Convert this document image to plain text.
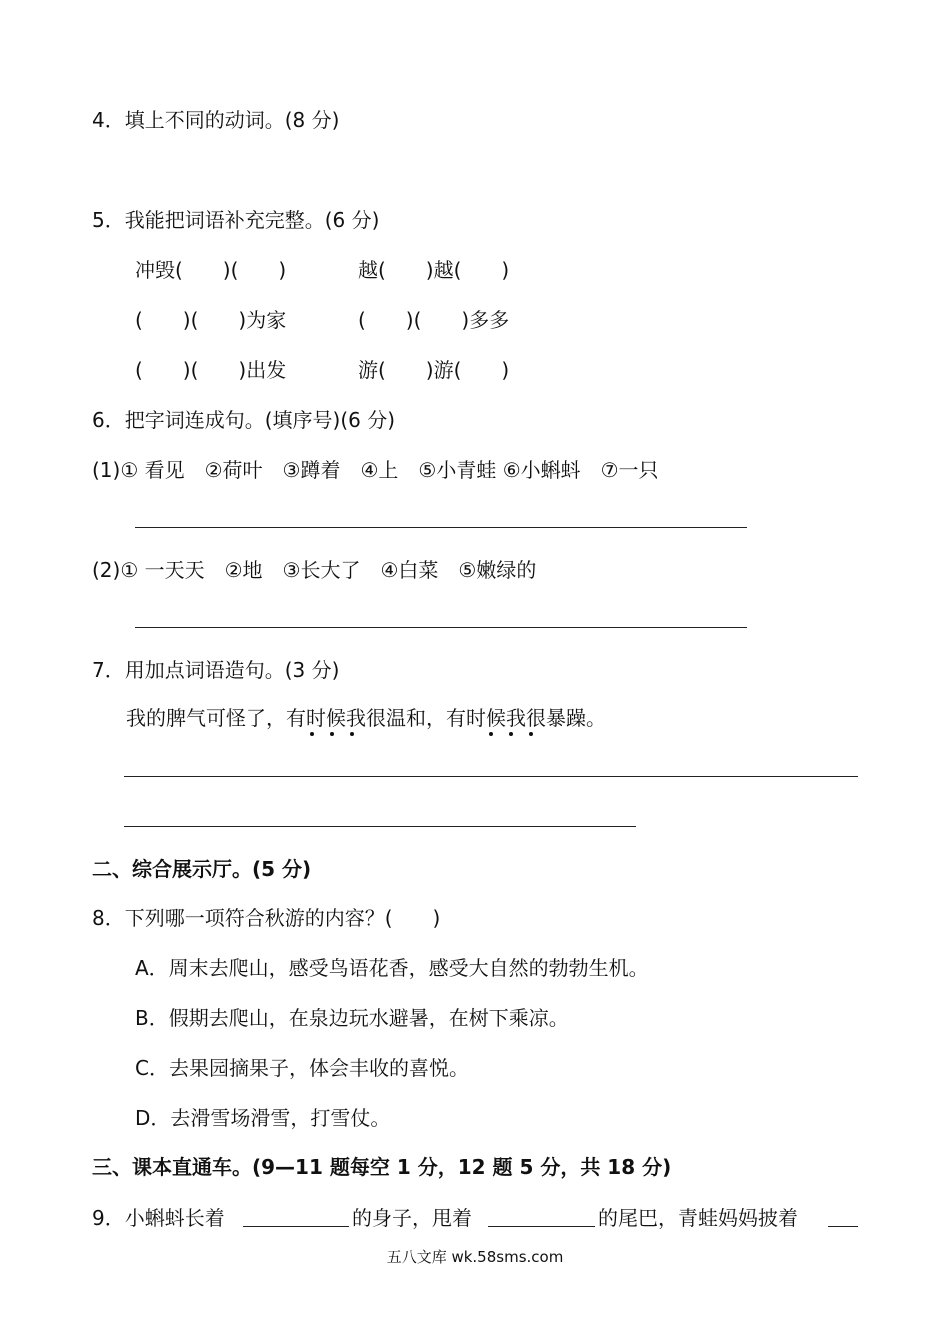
4．填上不同的动词。(8 分)
5．我能把词语补充完整。(6 分)
冲毁(　　)(　　)	越(　　)越(　　)
(　　)(　　)为家	(　　)(　　)多多
(　　)(　　)出发	游(　　)游(　　)
6．把字词连成句。(填序号)(6 分)
(1)① 看见　②荷叶　③蹲着　④上　⑤小青蛙 ⑥小蝌蚪　⑦一只
(2)① 一天天　②地　③长大了　④白菜　⑤嫩绿的
7．用加点词语造句。(3 分)
我的脾气可怪了，有时候我很温和，有时候我很暴躁。
二、综合展示厅。(5 分)
8．下列哪一项符合秋游的内容？(　　)
A．周末去爬山，感受鸟语花香，感受大自然的勃勃生机。
B．假期去爬山，在泉边玩水避暑，在树下乘凉。
C．去果园摘果子，体会丰收的喜悦。
D．去滑雪场滑雪，打雪仗。
三、课本直通车。(9—11 题每空 1 分，12 题 5 分，共 18 分)
9．小蝌蚪长着	的身子，甩着	的尾巴，青蛙妈妈披着
五八文库 wk.58sms.com
